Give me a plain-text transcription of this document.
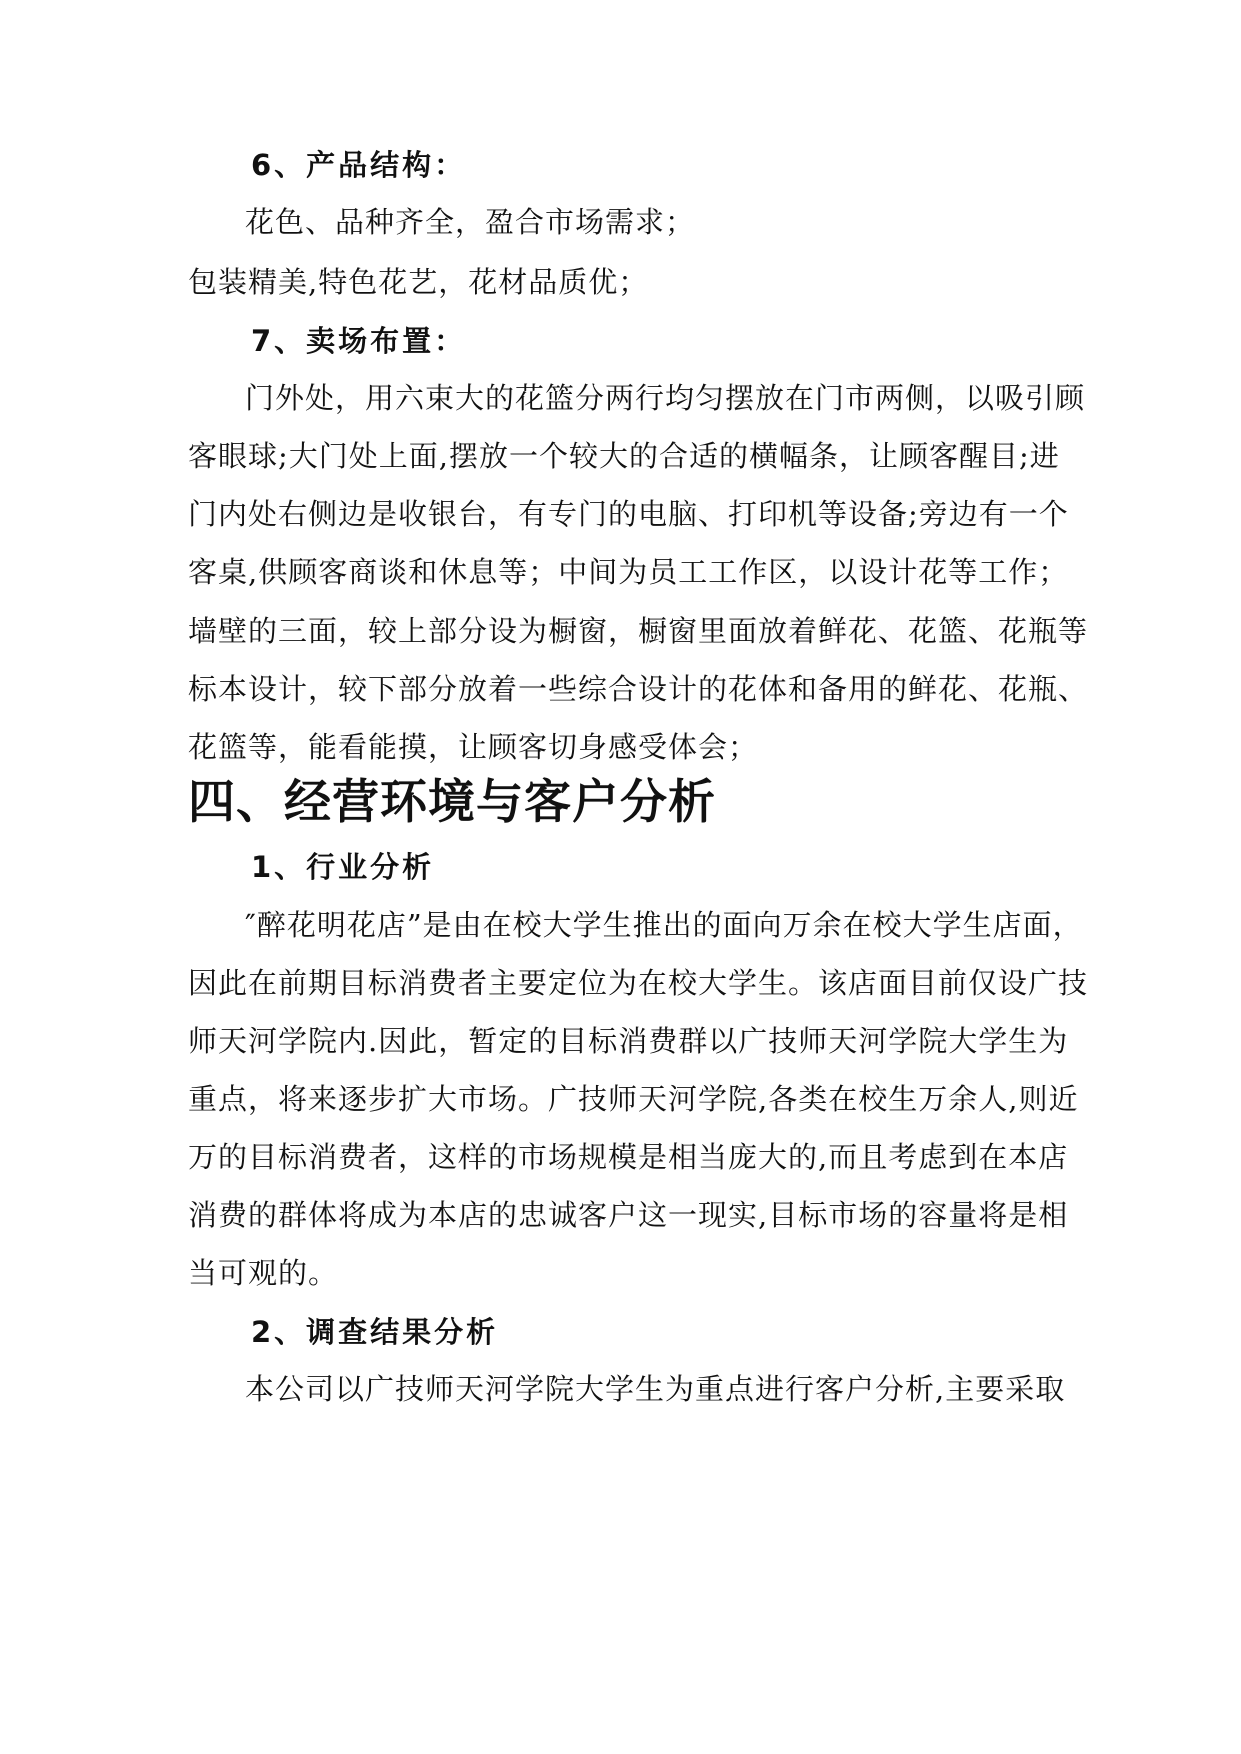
6、产品结构：
花色、品种齐全，盈合市场需求；
包装精美,特色花艺，花材品质优；
7、卖场布置：
门外处，用六束大的花篮分两行均匀摆放在门市两侧，以吸引顾
客眼球;大门处上面,摆放一个较大的合适的横幅条，让顾客醒目;进
门内处右侧边是收银台，有专门的电脑、打印机等设备;旁边有一个
客桌,供顾客商谈和休息等；中间为员工工作区，以设计花等工作；
墙壁的三面，较上部分设为橱窗，橱窗里面放着鲜花、花篮、花瓶等
标本设计，较下部分放着一些综合设计的花体和备用的鲜花、花瓶、
花篮等，能看能摸，让顾客切身感受体会；
四、经营环境与客户分析
1、行业分析
″醉花明花店”是由在校大学生推出的面向万余在校大学生店面，
因此在前期目标消费者主要定位为在校大学生。该店面目前仅设广技
师天河学院内.因此，暂定的目标消费群以广技师天河学院大学生为
重点，将来逐步扩大市场。广技师天河学院,各类在校生万余人,则近
万的目标消费者，这样的市场规模是相当庞大的,而且考虑到在本店
消费的群体将成为本店的忠诚客户这一现实,目标市场的容量将是相
当可观的。
2、调查结果分析
本公司以广技师天河学院大学生为重点进行客户分析,主要采取
